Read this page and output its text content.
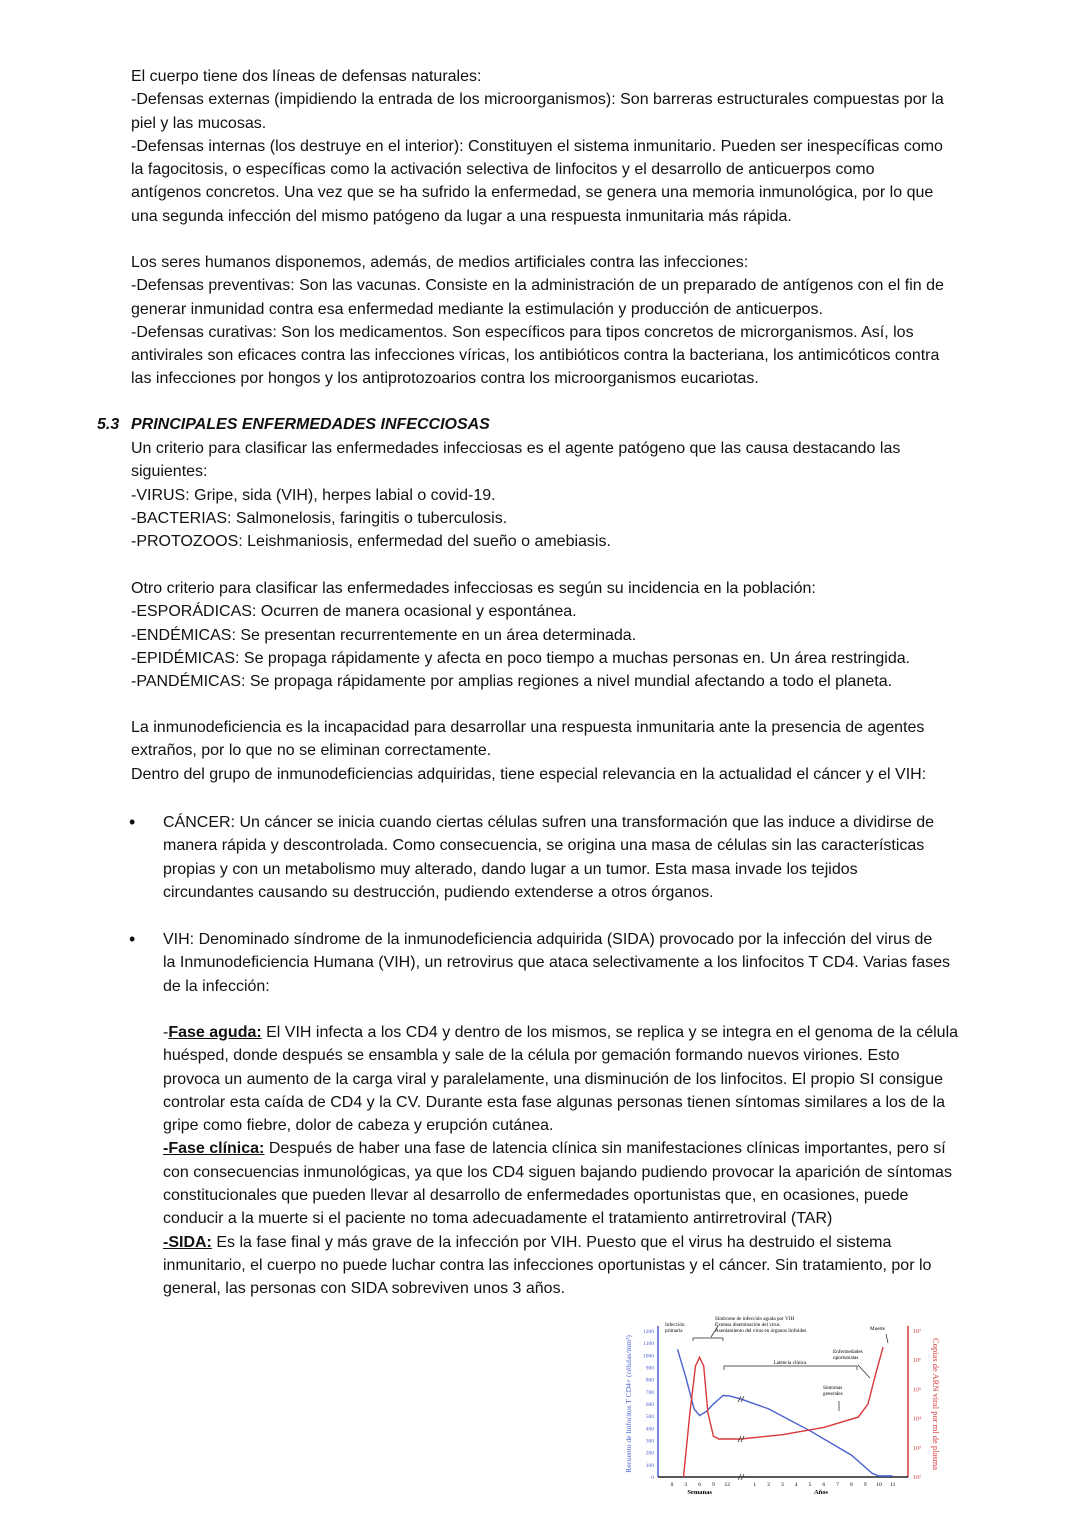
El cuerpo tiene dos líneas de defensas naturales:
-Defensas externas (impidiendo la entrada de los microorganismos): Son barreras estructurales compuestas por la
piel y las mucosas.
-Defensas internas (los destruye en el interior): Constituyen el sistema inmunitario. Pueden ser inespecíficas como
la fagocitosis, o específicas como la activación selectiva de linfocitos y el desarrollo de anticuerpos como
antígenos concretos. Una vez que se ha sufrido la enfermedad, se genera una memoria inmunológica, por lo que
una segunda infección del mismo patógeno da lugar a una respuesta inmunitaria más rápida.
Los seres humanos disponemos, además, de medios artificiales contra las infecciones:
-Defensas preventivas: Son las vacunas. Consiste en la administración de un preparado de antígenos con el fin de
generar inmunidad contra esa enfermedad mediante la estimulación y producción de anticuerpos.
-Defensas curativas: Son los medicamentos. Son específicos para tipos concretos de microrganismos. Así, los
antivirales son eficaces contra las infecciones víricas, los antibióticos contra la bacteriana, los antimicóticos contra
las infecciones por hongos y los antiprotozoarios contra los microorganismos eucariotas.
5.3 PRINCIPALES ENFERMEDADES INFECCIOSAS
Un criterio para clasificar las enfermedades infecciosas es el agente patógeno que las causa destacando las
siguientes:
-VIRUS: Gripe, sida (VIH), herpes labial o covid-19.
-BACTERIAS: Salmonelosis, faringitis o tuberculosis.
-PROTOZOOS: Leishmaniosis, enfermedad del sueño o amebiasis.
Otro criterio para clasificar las enfermedades infecciosas es según su incidencia en la población:
-ESPORÁDICAS: Ocurren de manera ocasional y espontánea.
-ENDÉMICAS: Se presentan recurrentemente en un área determinada.
-EPIDÉMICAS: Se propaga rápidamente y afecta en poco tiempo a muchas personas en. Un área restringida.
-PANDÉMICAS: Se propaga rápidamente por amplias regiones a nivel mundial afectando a todo el planeta.
La inmunodeficiencia es la incapacidad para desarrollar una respuesta inmunitaria ante la presencia de agentes
extraños, por lo que no se eliminan correctamente.
Dentro del grupo de inmunodeficiencias adquiridas, tiene especial relevancia en la actualidad el cáncer y el VIH:
• CÁNCER: Un cáncer se inicia cuando ciertas células sufren una transformación que las induce a dividirse de
manera rápida y descontrolada. Como consecuencia, se origina una masa de células sin las características
propias y con un metabolismo muy alterado, dando lugar a un tumor. Esta masa invade los tejidos
circundantes causando su destrucción, pudiendo extenderse a otros órganos.
• VIH: Denominado síndrome de la inmunodeficiencia adquirida (SIDA) provocado por la infección del virus de
la Inmunodeficiencia Humana (VIH), un retrovirus que ataca selectivamente a los linfocitos T CD4. Varias fases
de la infección:
-Fase aguda: El VIH infecta a los CD4 y dentro de los mismos, se replica y se integra en el genoma de la célula
huésped, donde después se ensambla y sale de la célula por gemación formando nuevos viriones. Esto
provoca un aumento de la carga viral y paralelamente, una disminución de los linfocitos. El propio SI consigue
controlar esta caída de CD4 y la CV. Durante esta fase algunas personas tienen síntomas similares a los de la
gripe como fiebre, dolor de cabeza y erupción cutánea.
-Fase clínica: Después de haber una fase de latencia clínica sin manifestaciones clínicas importantes, pero sí
con consecuencias inmunológicas, ya que los CD4 siguen bajando pudiendo provocar la aparición de síntomas
constitucionales que pueden llevar al desarrollo de enfermedades oportunistas que, en ocasiones, puede
conducir a la muerte si el paciente no toma adecuadamente el tratamiento antirretroviral (TAR)
-SIDA: Es la fase final y más grave de la infección por VIH. Puesto que el virus ha destruido el sistema
inmunitario, el cuerpo no puede luchar contra las infecciones oportunistas y el cáncer. Sin tratamiento, por lo
general, las personas con SIDA sobreviven unos 3 años.
0
100
200
300
400
500
600
700
800
900
1000
1100
1200
10²
10³
10⁴
10⁵
10⁶
10⁷
0 3 6 9 12	1 2 3 4 5 6 7 8 9 10 11
Semanas	Años
Recuento de linfocitos T CD4+ (células/mm³)	Copias de ARN viral por ml de plasma
Infección
primaria
Síndrome de infección aguda por VIH
Extensa diseminación del virus
Asentamiento del virus en órganos linfoides
Latencia clínica
Muerte
Enfermedades
oportunistas
Síntomas
generales
